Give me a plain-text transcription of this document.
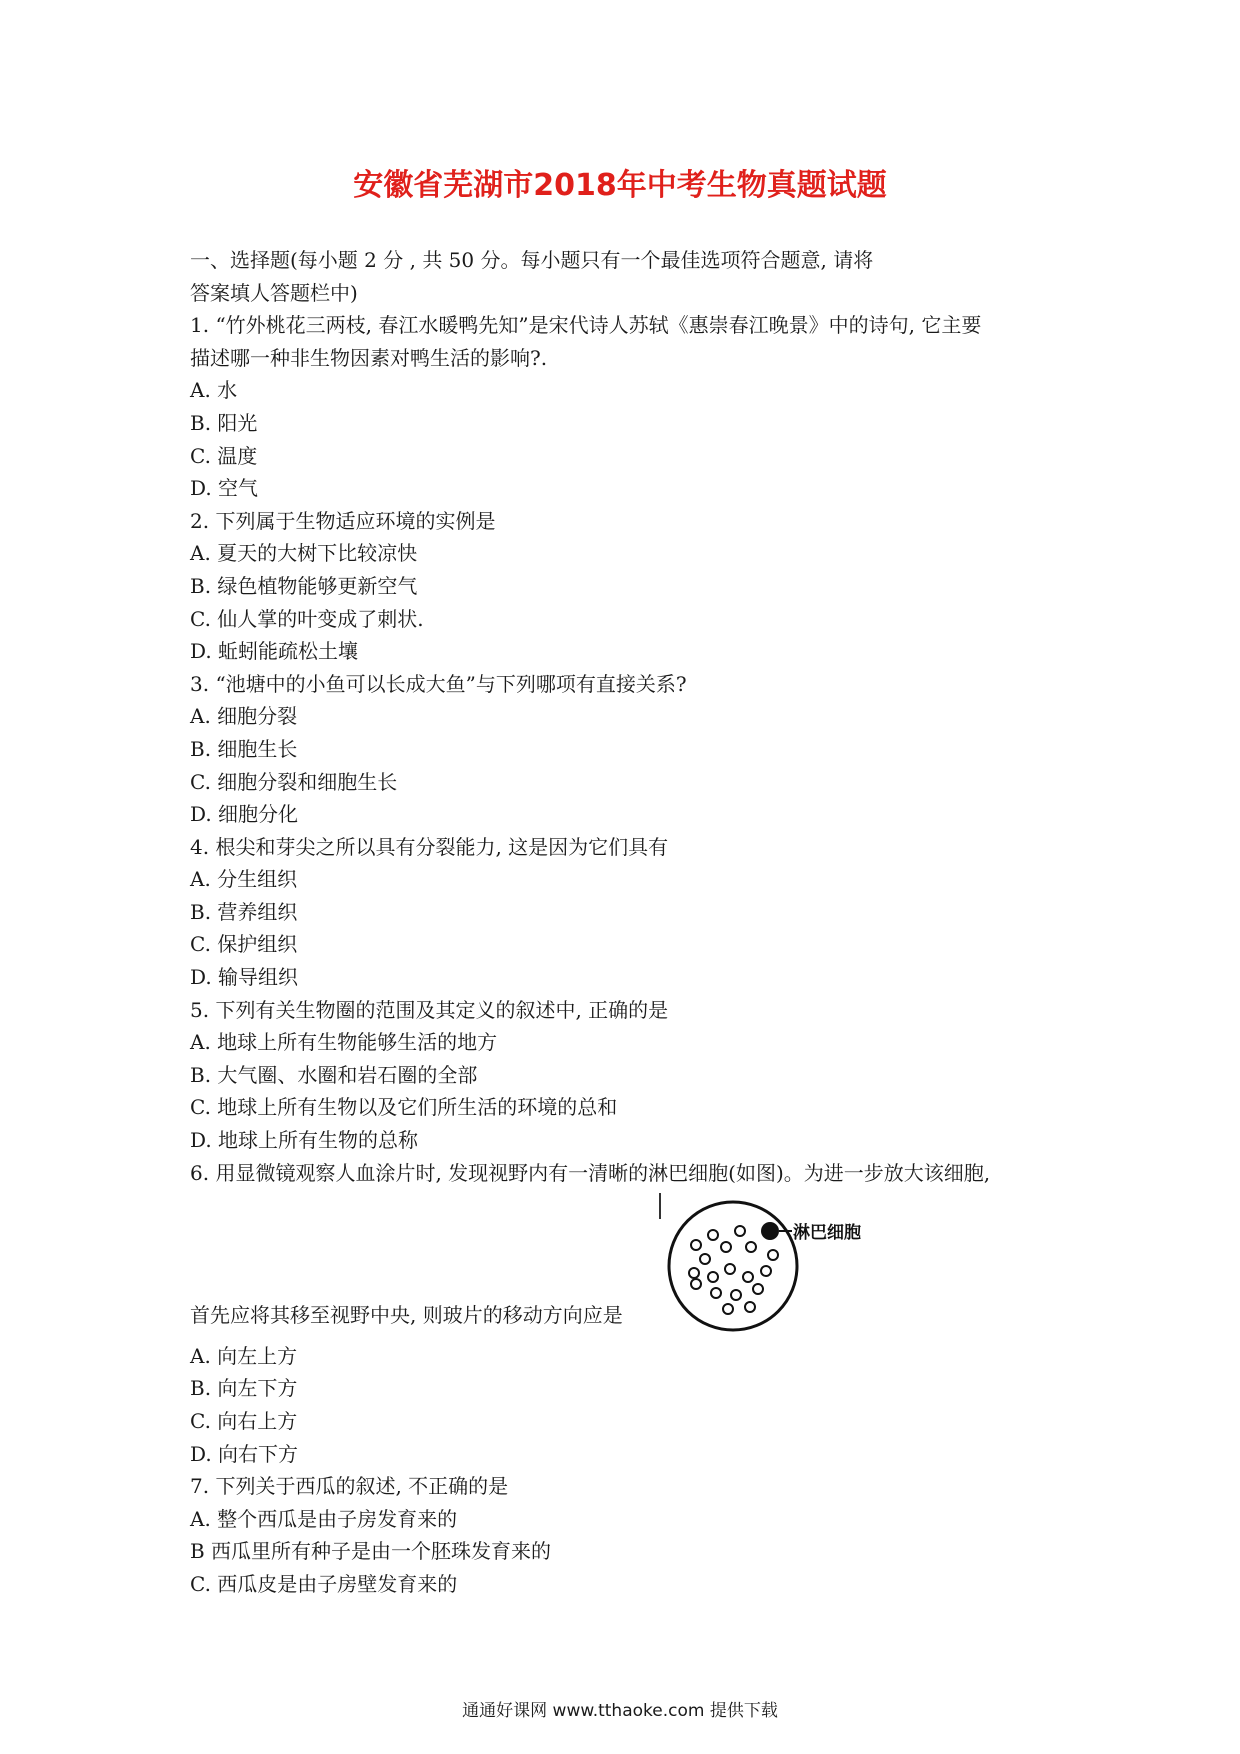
安徽省芜湖市2018年中考生物真题试题
一、选择题(每小题 2 分 , 共 50 分。每小题只有一个最佳选项符合题意, 请将
答案填人答题栏中)
1. “竹外桃花三两枝, 春江水暖鸭先知”是宋代诗人苏轼《惠崇春江晚景》中的诗句, 它主要
描述哪一种非生物因素对鸭生活的影响?.
A. 水
B. 阳光
C. 温度
D. 空气
2. 下列属于生物适应环境的实例是
A. 夏天的大树下比较凉快
B. 绿色植物能够更新空气
C. 仙人掌的叶变成了刺状.
D. 蚯蚓能疏松土壤
3. “池塘中的小鱼可以长成大鱼”与下列哪项有直接关系?
A. 细胞分裂
B. 细胞生长
C. 细胞分裂和细胞生长
D. 细胞分化
4. 根尖和芽尖之所以具有分裂能力, 这是因为它们具有
A. 分生组织
B. 营养组织
C. 保护组织
D. 输导组织
5. 下列有关生物圈的范围及其定义的叙述中, 正确的是
A. 地球上所有生物能够生活的地方
B. 大气圈、水圈和岩石圈的全部
C. 地球上所有生物以及它们所生活的环境的总和
D. 地球上所有生物的总称
6. 用显微镜观察人血涂片时, 发现视野内有一清晰的淋巴细胞(如图)。为进一步放大该细胞,
淋巴细胞
首先应将其移至视野中央, 则玻片的移动方向应是
A. 向左上方
B. 向左下方
C. 向右上方
D. 向右下方
7. 下列关于西瓜的叙述, 不正确的是
A. 整个西瓜是由子房发育来的
B 西瓜里所有种子是由一个胚珠发育来的
C. 西瓜皮是由子房壁发育来的
通通好课网 www.tthaoke.com 提供下载
